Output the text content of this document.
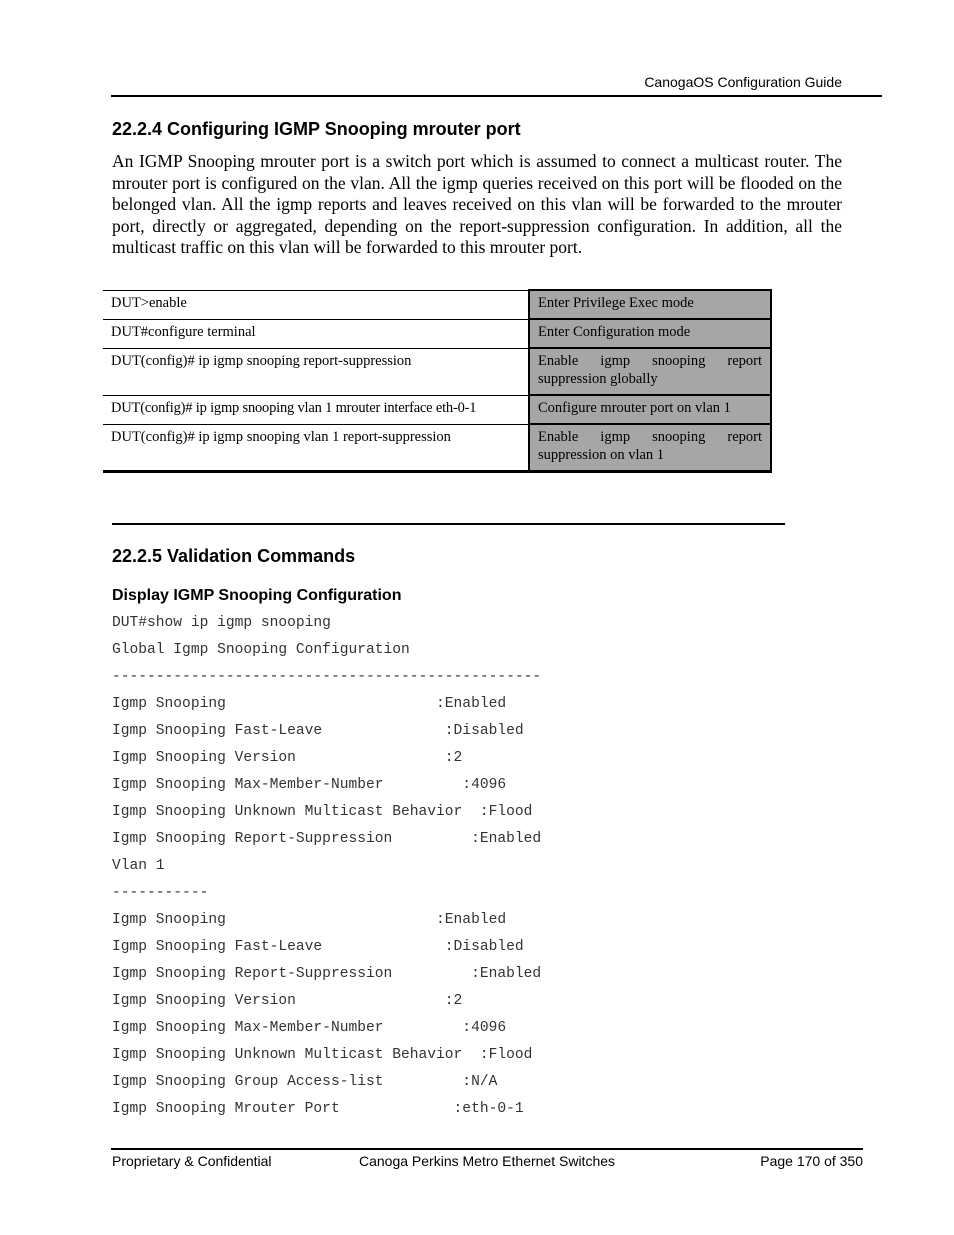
CanogaOS Configuration Guide
22.2.4 Configuring IGMP Snooping mrouter port

An IGMP Snooping mrouter port is a switch port which is assumed to connect a multicast router. The mrouter port is configured on the vlan. All the igmp queries received on this port will be flooded on the belonged vlan. All the igmp reports and leaves received on this vlan will be forwarded to the mrouter port, directly or aggregated, depending on the report-suppression configuration. In addition, all the multicast traffic on this vlan will be forwarded to this mrouter port.

DUT>enable	Enter Privilege Exec mode
DUT#configure terminal	Enter Configuration mode
DUT(config)# ip igmp snooping report-suppression	Enable igmp snooping report suppression globally
DUT(config)# ip igmp snooping vlan 1 mrouter interface eth-0-1	Configure mrouter port on vlan 1
DUT(config)# ip igmp snooping vlan 1 report-suppression	Enable igmp snooping report suppression on vlan 1
22.2.5 Validation Commands
Display IGMP Snooping Configuration
DUT#show ip igmp snooping
Global Igmp Snooping Configuration
-------------------------------------------------
Igmp Snooping                        :Enabled
Igmp Snooping Fast-Leave              :Disabled
Igmp Snooping Version                 :2
Igmp Snooping Max-Member-Number         :4096
Igmp Snooping Unknown Multicast Behavior  :Flood
Igmp Snooping Report-Suppression         :Enabled
Vlan 1
-----------
Igmp Snooping                        :Enabled
Igmp Snooping Fast-Leave              :Disabled
Igmp Snooping Report-Suppression         :Enabled
Igmp Snooping Version                 :2
Igmp Snooping Max-Member-Number         :4096
Igmp Snooping Unknown Multicast Behavior  :Flood
Igmp Snooping Group Access-list         :N/A
Igmp Snooping Mrouter Port             :eth-0-1
Proprietary & Confidential	Canoga Perkins Metro Ethernet Switches	Page 170 of 350
